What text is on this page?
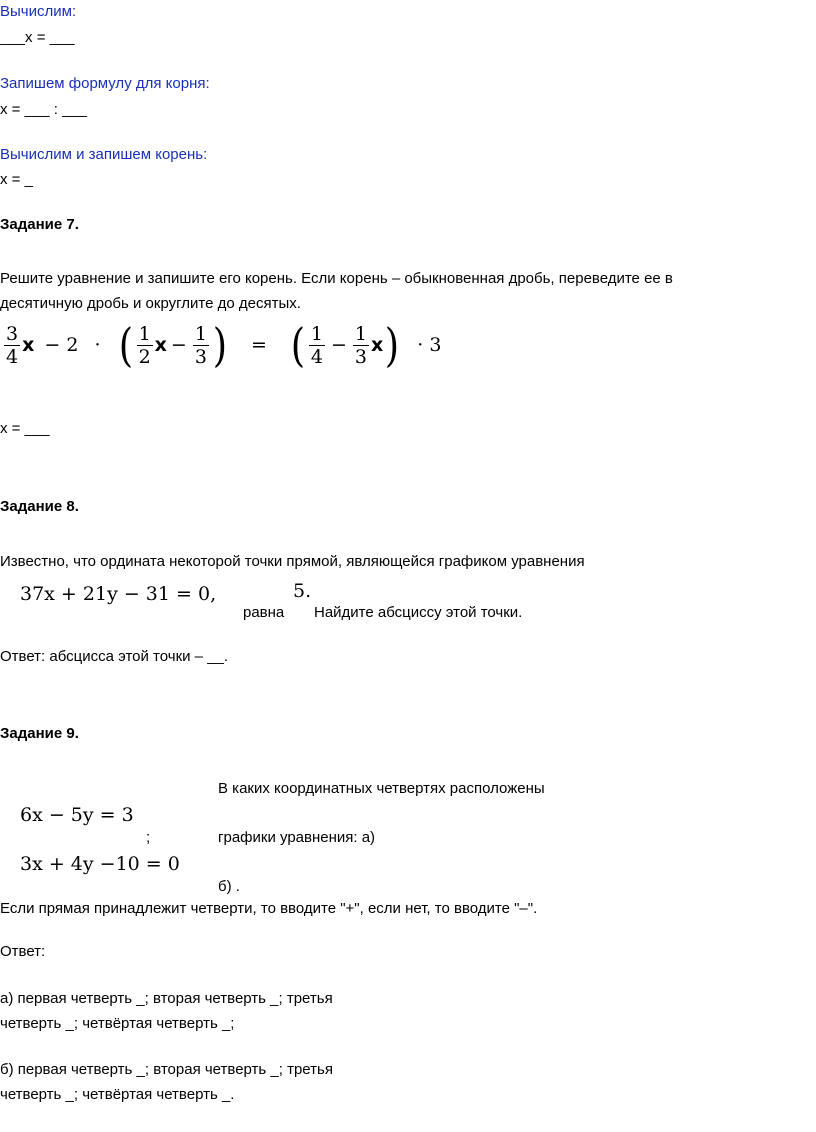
Вычислим:
___x = ___
Запишем формулу для корня:
x = ___ : ___
Вычислим и запишем корень:
x = _
Задание 7.
Решите уравнение и запишите его корень. Если корень – обыкновенная дробь, переведите ее в
десятичную дробь и округлите до десятых.
$\frac{3}{4}$ x − 2 · ( $\frac{1}{2}$ $x - \frac{1}{3}$ ) = ( $\frac{1}{4} - \frac{1}{3} x) \cdot 3$
x = ___
Задание 8.
Известно, что ордината некоторой точки прямой, являющейся графиком уравнения
37x + 21y − 31 = 0,	5.
равна Найдите абсциссу этой точки.
Ответ: абсцисса этой точки – __.
Задание 9.
В каких координатных четвертях расположены
6x − 5y = 3
;	графики уравнения: а)
3x + 4y −10 = 0
б) .
Если прямая принадлежит четверти, то вводите "+", если нет, то вводите "–".
Ответ:
а) первая четверть _; вторая четверть _; третья
четверть _; четвёртая четверть _;
б) первая четверть _; вторая четверть _; третья
четверть _; четвёртая четверть _.
